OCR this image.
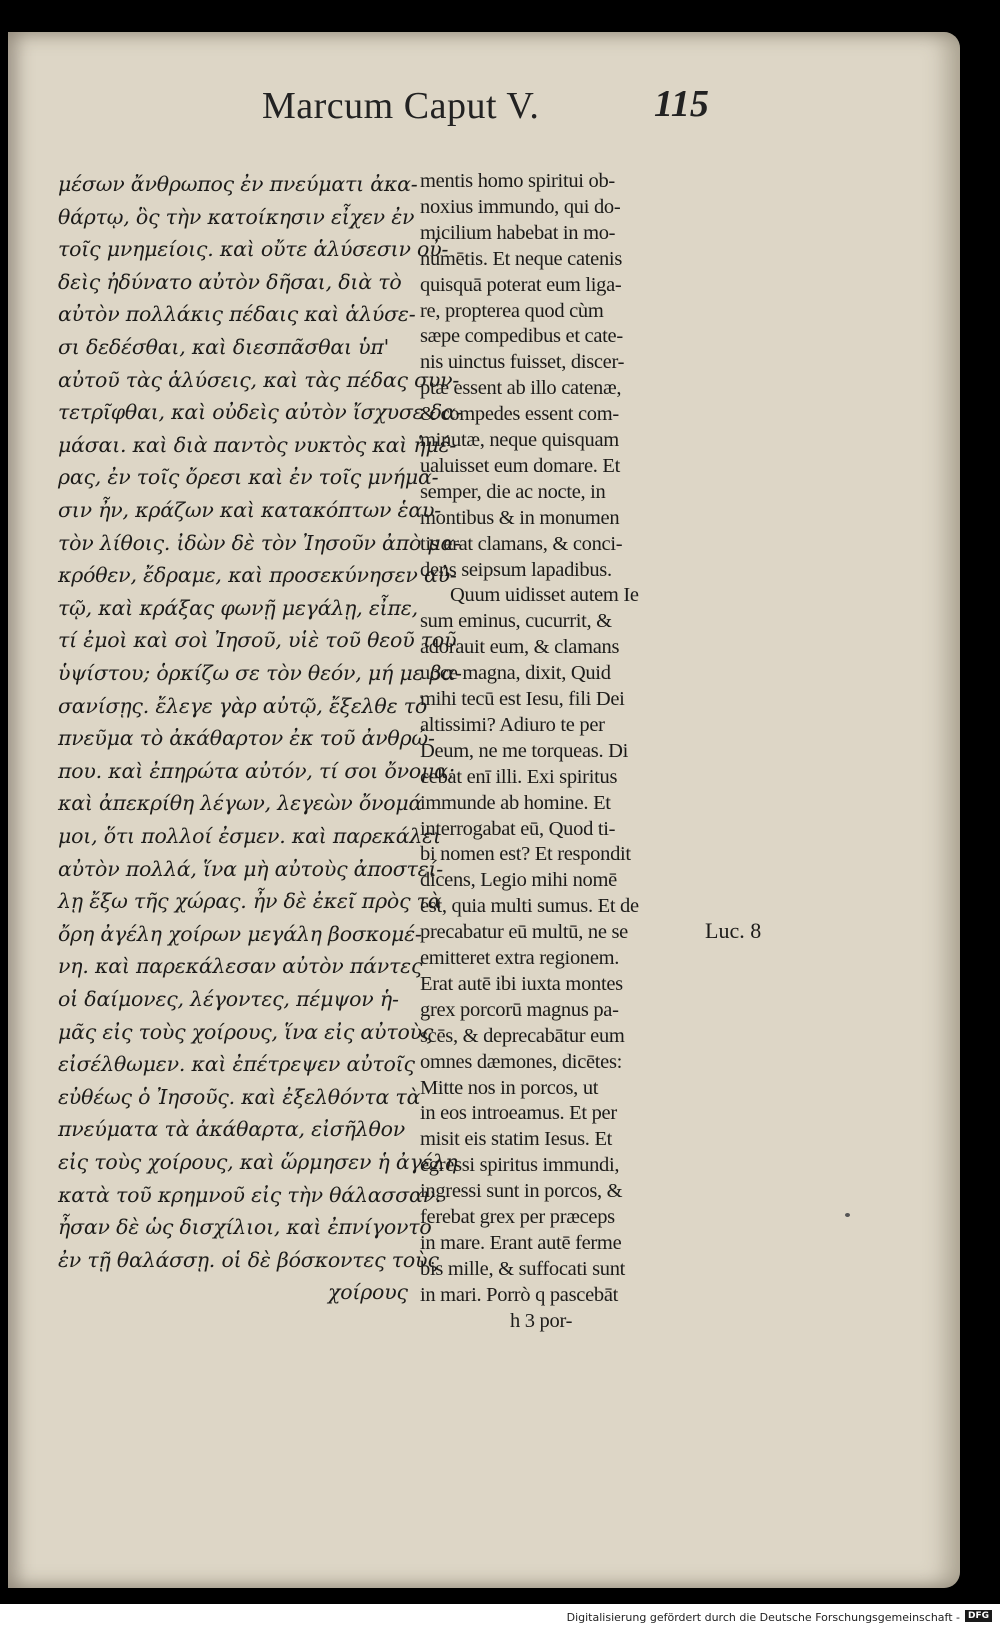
Marcum Caput V.	115
μέσων ἄνθρωπος ἐν πνεύματι ἀκα-
θάρτῳ, ὃς τὴν κατοίκησιν εἶχεν ἐν
τοῖς μνημείοις. καὶ οὔτε ἁλύσεσιν οὐ-
δεὶς ἠδύνατο αὐτὸν δῆσαι, διὰ τὸ
αὐτὸν πολλάκις πέδαις καὶ ἁλύσε-
σι δεδέσθαι, καὶ διεσπᾶσθαι ὑπ'
αὐτοῦ τὰς ἁλύσεις, καὶ τὰς πέδας συν-
τετρῖφθαι, καὶ οὐδεὶς αὐτὸν ἴσχυσε δα-
μάσαι. καὶ διὰ παντὸς νυκτὸς καὶ ἡμέ-
ρας, ἐν τοῖς ὄρεσι καὶ ἐν τοῖς μνήμα-
σιν ἦν, κράζων καὶ κατακόπτων ἑαυ-
τὸν λίθοις. ἰδὼν δὲ τὸν Ἰησοῦν ἀπὸ μα-
κρόθεν, ἔδραμε, καὶ προσεκύνησεν αὐ-
τῷ, καὶ κράξας φωνῇ μεγάλῃ, εἶπε,
τί ἐμοὶ καὶ σοὶ Ἰησοῦ, υἱὲ τοῦ θεοῦ τοῦ
ὑψίστου; ὁρκίζω σε τὸν θεόν, μή με βα-
σανίσῃς. ἔλεγε γὰρ αὐτῷ, ἔξελθε τὸ
πνεῦμα τὸ ἀκάθαρτον ἐκ τοῦ ἀνθρώ-
που. καὶ ἐπηρώτα αὐτόν, τί σοι ὄνομα;
καὶ ἀπεκρίθη λέγων, λεγεὼν ὄνομά
μοι, ὅτι πολλοί ἐσμεν. καὶ παρεκάλει
αὐτὸν πολλά, ἵνα μὴ αὐτοὺς ἀποστεί-
λῃ ἔξω τῆς χώρας. ἦν δὲ ἐκεῖ πρὸς τὰ
ὄρη ἀγέλη χοίρων μεγάλη βοσκομέ-
νη. καὶ παρεκάλεσαν αὐτὸν πάντες
οἱ δαίμονες, λέγοντες, πέμψον ἡ-
μᾶς εἰς τοὺς χοίρους, ἵνα εἰς αὐτοὺς
εἰσέλθωμεν. καὶ ἐπέτρεψεν αὐτοῖς
εὐθέως ὁ Ἰησοῦς. καὶ ἐξελθόντα τὰ
πνεύματα τὰ ἀκάθαρτα, εἰσῆλθον
εἰς τοὺς χοίρους, καὶ ὥρμησεν ἡ ἀγέλη
κατὰ τοῦ κρημνοῦ εἰς τὴν θάλασσαν.
ἦσαν δὲ ὡς δισχίλιοι, καὶ ἐπνίγοντο
ἐν τῇ θαλάσσῃ. οἱ δὲ βόσκοντες τοὺς
χοίρους
mentis homo spiritui ob-
noxius immundo, qui do-
micilium habebat in mo-
numētis. Et neque catenis
quisquā poterat eum liga-
re, propterea quod cùm
sæpe compedibus et cate-
nis uinctus fuisset, discer-
ptæ essent ab illo catenæ,
& compedes essent com-
minutæ, neque quisquam
ualuisset eum domare. Et
semper, die ac nocte, in
montibus & in monumen
tis erat clamans, & conci-
dens seipsum lapadibus.
Quum uidisset autem Ie
sum eminus, cucurrit, &
adorauit eum, & clamans
uoce magna, dixit, Quid
mihi tecū est Iesu, fili Dei
altissimi? Adiuro te per
Deum, ne me torqueas. Di
cebat enī illi. Exi spiritus
immunde ab homine. Et
interrogabat eū, Quod ti-
bi nomen est? Et respondit
dicens, Legio mihi nomē
est, quia multi sumus. Et de
precabatur eū multū, ne se
emitteret extra regionem.
Erat autē ibi iuxta montes
grex porcorū magnus pa-
scēs, & deprecabātur eum
omnes dæmones, dicētes:
Mitte nos in porcos, ut
in eos introeamus. Et per
misit eis statim Iesus. Et
egressi spiritus immundi,
ingressi sunt in porcos, &
ferebat grex per præceps
in mare. Erant autē ferme
bis mille, & suffocati sunt
in mari. Porrò q pascebāt
h 3 por-
Luc. 8
Digitalisierung gefördert durch die Deutsche Forschungsgemeinschaft - DFG
